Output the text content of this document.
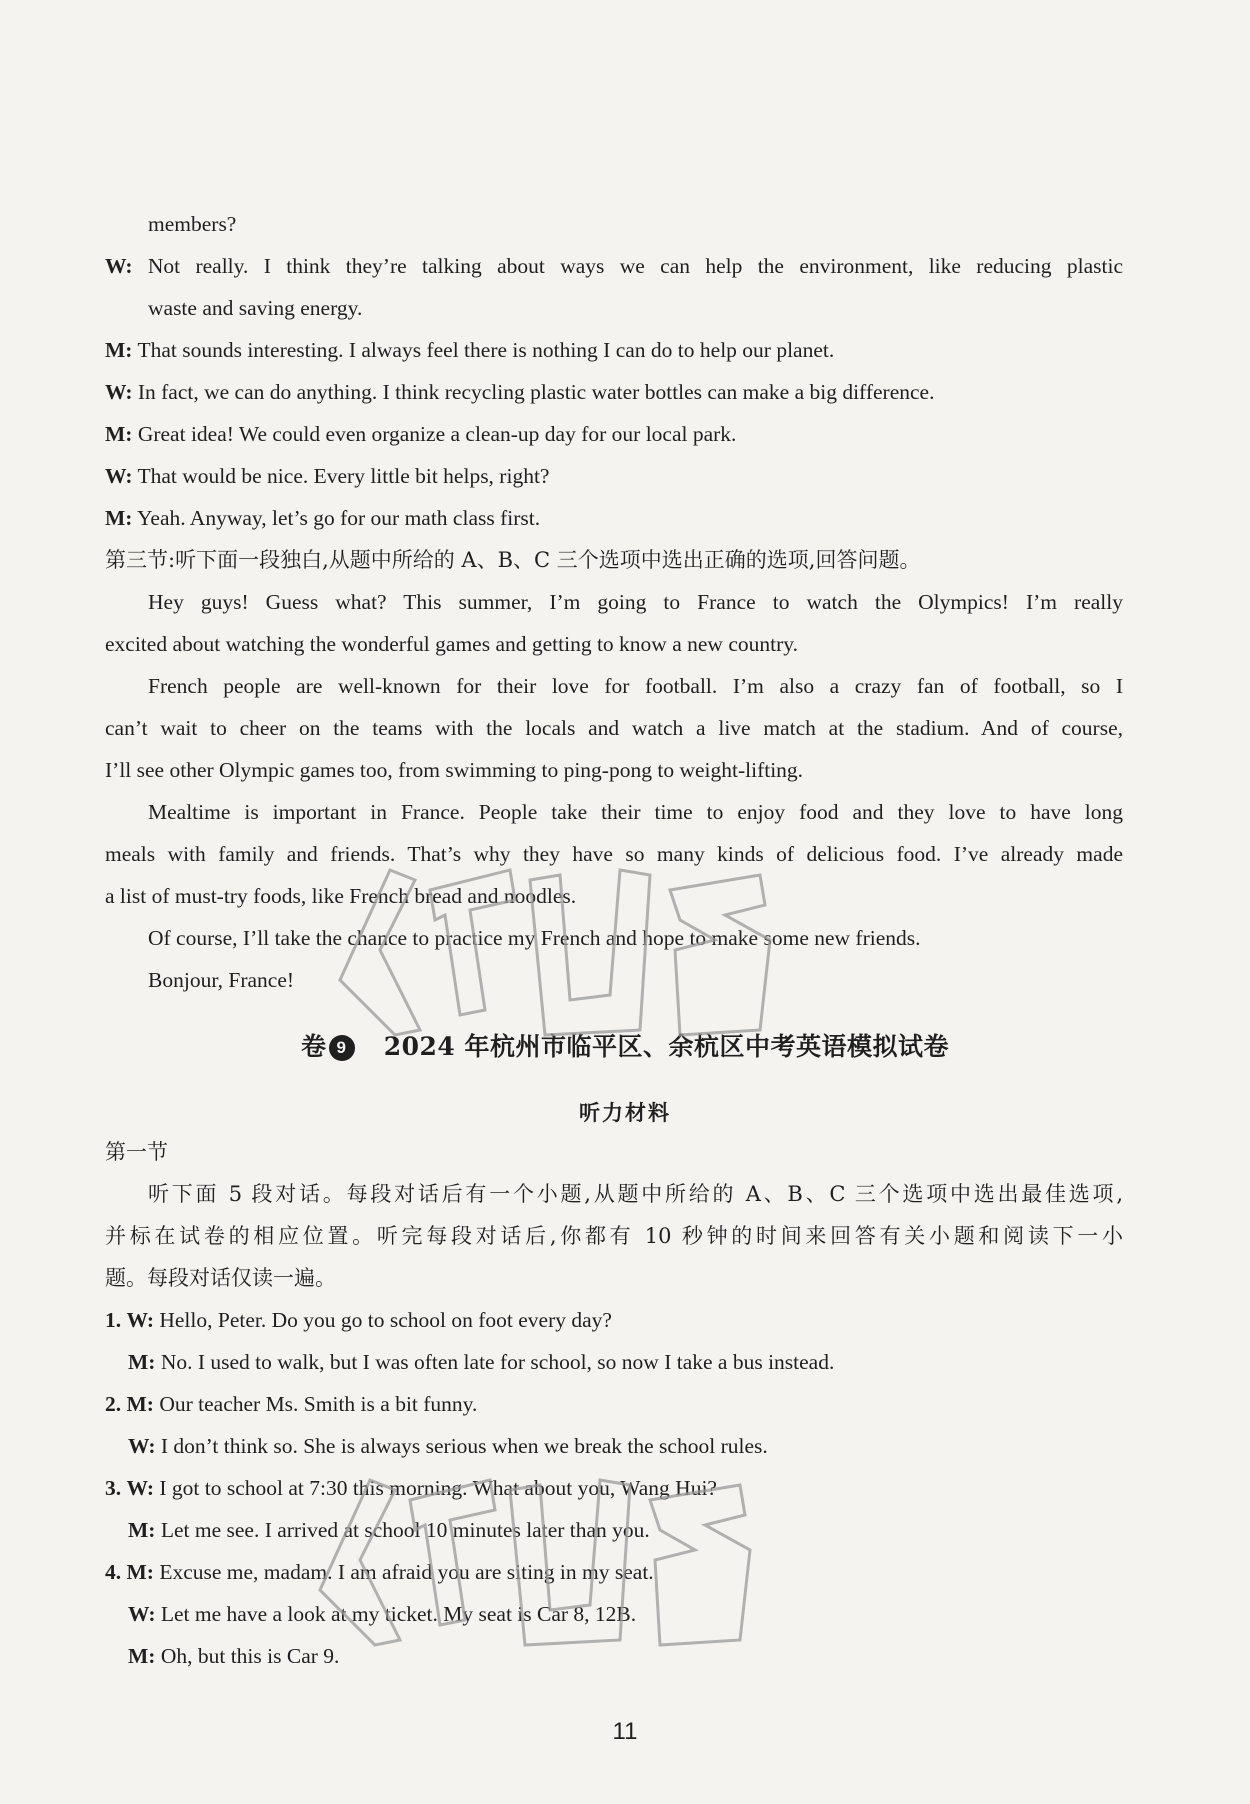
members?
W: Not really. I think they’re talking about ways we can help the environment, like reducing plastic
waste and saving energy.
M: That sounds interesting. I always feel there is nothing I can do to help our planet.
W: In fact, we can do anything. I think recycling plastic water bottles can make a big difference.
M: Great idea! We could even organize a clean-up day for our local park.
W: That would be nice. Every little bit helps, right?
M: Yeah. Anyway, let’s go for our math class first.
第三节:听下面一段独白,从题中所给的 A、B、C 三个选项中选出正确的选项,回答问题。
Hey guys! Guess what? This summer, I’m going to France to watch the Olympics! I’m really
excited about watching the wonderful games and getting to know a new country.
French people are well-known for their love for football. I’m also a crazy fan of football, so I
can’t wait to cheer on the teams with the locals and watch a live match at the stadium. And of course,
I’ll see other Olympic games too, from swimming to ping-pong to weight-lifting.
Mealtime is important in France. People take their time to enjoy food and they love to have long
meals with family and friends. That’s why they have so many kinds of delicious food. I’ve already made
a list of must-try foods, like French bread and noodles.
Of course, I’ll take the chance to practice my French and hope to make some new friends.
Bonjour, France!
卷 9 2024 年杭州市临平区、余杭区中考英语模拟试卷
听力材料
第一节
听下面 5 段对话。每段对话后有一个小题,从题中所给的 A、B、C 三个选项中选出最佳选项,
并标在试卷的相应位置。听完每段对话后,你都有 10 秒钟的时间来回答有关小题和阅读下一小
题。每段对话仅读一遍。
1. W: Hello, Peter. Do you go to school on foot every day?
M: No. I used to walk, but I was often late for school, so now I take a bus instead.
2. M: Our teacher Ms. Smith is a bit funny.
W: I don’t think so. She is always serious when we break the school rules.
3. W: I got to school at 7:30 this morning. What about you, Wang Hui?
M: Let me see. I arrived at school 10 minutes later than you.
4. M: Excuse me, madam. I am afraid you are siting in my seat.
W: Let me have a look at my ticket. My seat is Car 8, 12B.
M: Oh, but this is Car 9.
11
